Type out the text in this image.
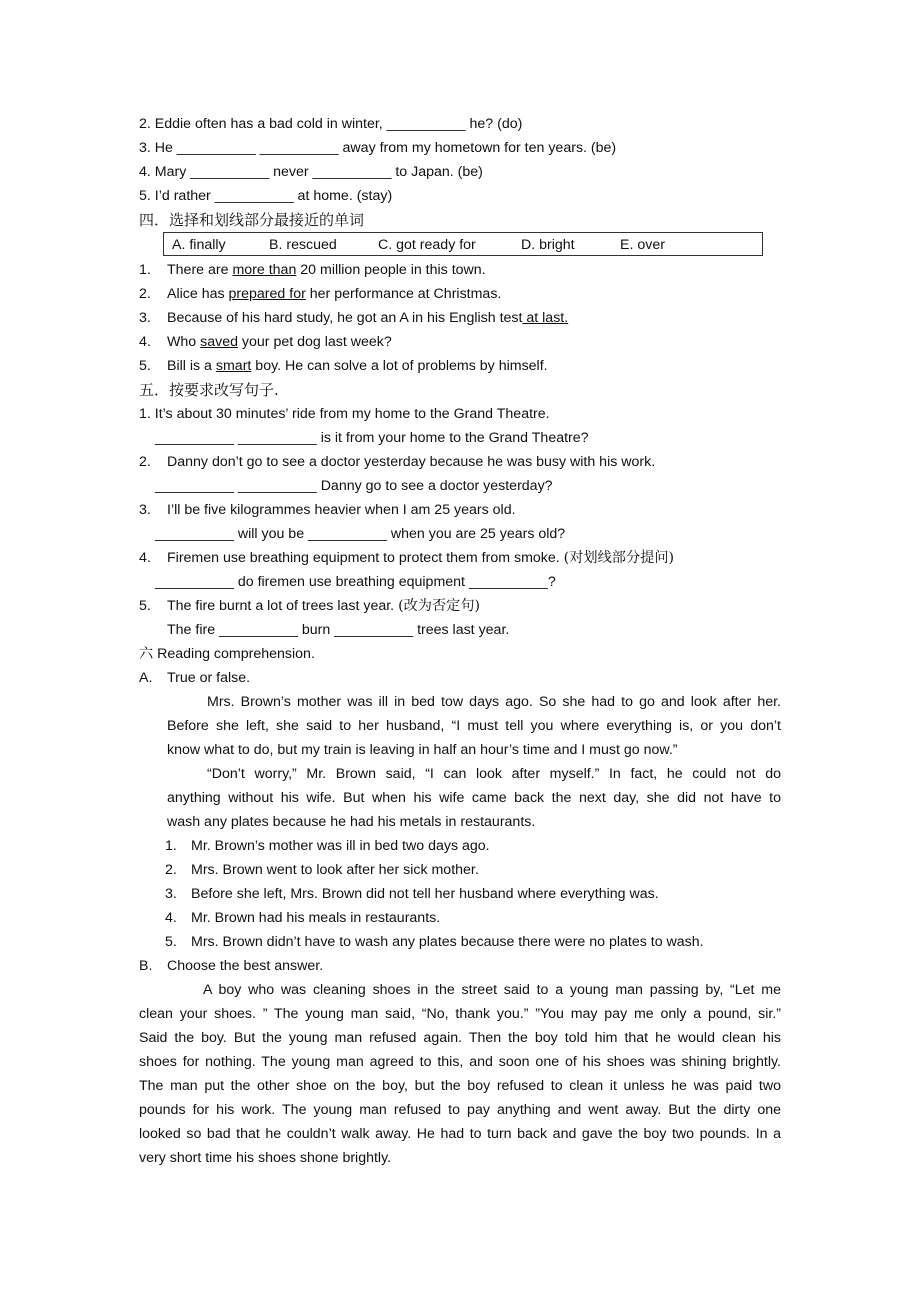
2. Eddie often has a bad cold in winter, __________ he? (do)
3. He __________ __________ away from my hometown for ten years. (be)
4. Mary __________ never __________ to Japan. (be)
5. I’d rather __________ at home. (stay)
四．选择和划线部分最接近的单词
A. finally	B. rescued	C. got ready for	D. bright	E. over
1. There are more than 20 million people in this town.
2. Alice has prepared for her performance at Christmas.
3. Because of his hard study, he got an A in his English test at last.
4. Who saved your pet dog last week?
5. Bill is a smart boy. He can solve a lot of problems by himself.
五．按要求改写句子.
1. It’s about 30 minutes’ ride from my home to the Grand Theatre.
__________ __________ is it from your home to the Grand Theatre?
2. Danny don’t go to see a doctor yesterday because he was busy with his work.
__________ __________ Danny go to see a doctor yesterday?
3. I’ll be five kilogrammes heavier when I am 25 years old.
__________ will you be __________ when you are 25 years old?
4. Firemen use breathing equipment to protect them from smoke. (对划线部分提问)
__________ do firemen use breathing equipment __________?
5. The fire burnt a lot of trees last year. (改为否定句)
The fire __________ burn __________ trees last year.
六 Reading comprehension.
A. True or false.
Mrs. Brown’s mother was ill in bed tow days ago. So she had to go and look after her.
Before she left, she said to her husband, “I must tell you where everything is, or you don’t
know what to do, but my train is leaving in half an hour’s time and I must go now.”
“Don’t worry,” Mr. Brown said, “I can look after myself.” In fact, he could not do
anything without his wife. But when his wife came back the next day, she did not have to
wash any plates because he had his metals in restaurants.
1. Mr. Brown’s mother was ill in bed two days ago.
2. Mrs. Brown went to look after her sick mother.
3. Before she left, Mrs. Brown did not tell her husband where everything was.
4. Mr. Brown had his meals in restaurants.
5. Mrs. Brown didn’t have to wash any plates because there were no plates to wash.
B. Choose the best answer.
A boy who was cleaning shoes in the street said to a young man passing by, “Let me
clean your shoes. ” The young man said, “No, thank you.” ”You may pay me only a pound, sir.”
Said the boy. But the young man refused again. Then the boy told him that he would clean his
shoes for nothing. The young man agreed to this, and soon one of his shoes was shining brightly.
The man put the other shoe on the boy, but the boy refused to clean it unless he was paid two
pounds for his work. The young man refused to pay anything and went away. But the dirty one
looked so bad that he couldn’t walk away. He had to turn back and gave the boy two pounds. In a
very short time his shoes shone brightly.
